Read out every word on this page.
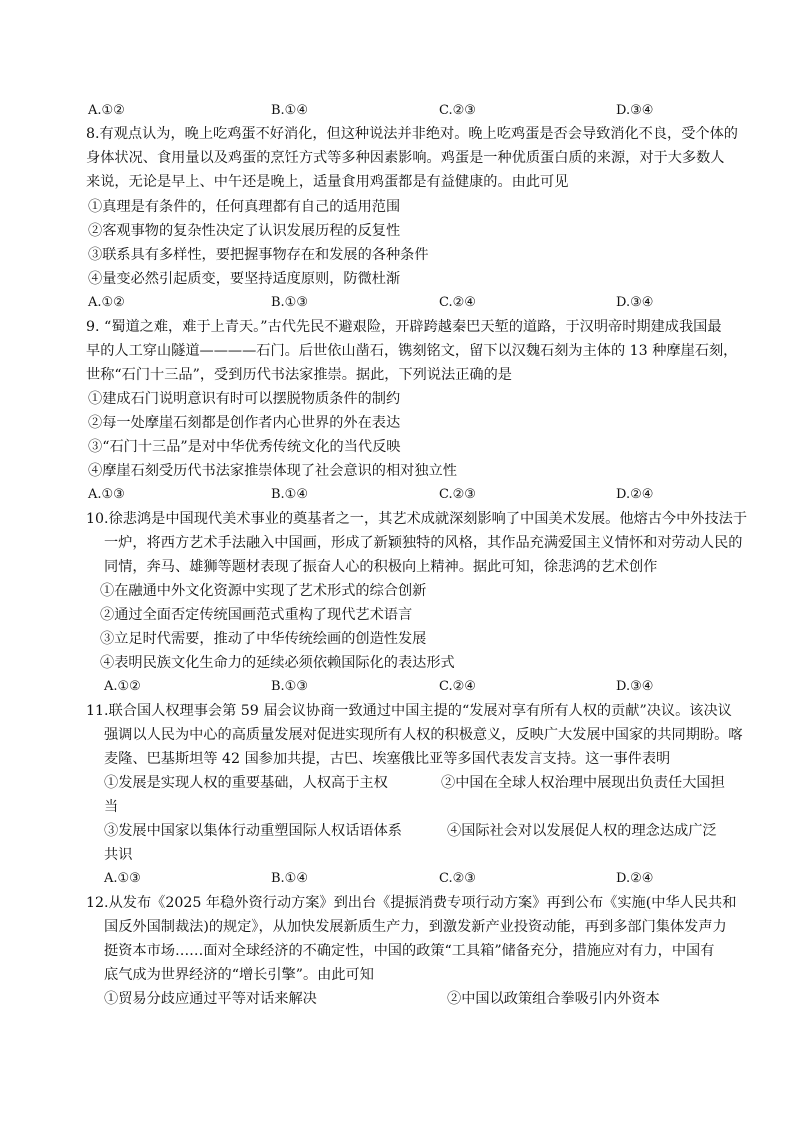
A.①②	B.①④	C.②③	D.③④
8.有观点认为，晚上吃鸡蛋不好消化，但这种说法并非绝对。晚上吃鸡蛋是否会导致消化不良，受个体的
身体状况、食用量以及鸡蛋的烹饪方式等多种因素影响。鸡蛋是一种优质蛋白质的来源，对于大多数人
来说，无论是早上、中午还是晚上，适量食用鸡蛋都是有益健康的。由此可见
①真理是有条件的，任何真理都有自己的适用范围
②客观事物的复杂性决定了认识发展历程的反复性
③联系具有多样性，要把握事物存在和发展的各种条件
④量变必然引起质变，要坚持适度原则，防微杜渐
A.①②	B.①③	C.②④	D.③④
9. “蜀道之难，难于上青天。”古代先民不避艰险，开辟跨越秦巴天堑的道路，于汉明帝时期建成我国最
早的人工穿山隧道————石门。后世依山凿石，镌刻铭文，留下以汉魏石刻为主体的 13 种摩崖石刻，
世称“石门十三品”，受到历代书法家推崇。据此，下列说法正确的是
①建成石门说明意识有时可以摆脱物质条件的制约
②每一处摩崖石刻都是创作者内心世界的外在表达
③“石门十三品”是对中华优秀传统文化的当代反映
④摩崖石刻受历代书法家推崇体现了社会意识的相对独立性
A.①③	B.①④	C.②③	D.②④
10.徐悲鸿是中国现代美术事业的奠基者之一，其艺术成就深刻影响了中国美术发展。他熔古今中外技法于
一炉，将西方艺术手法融入中国画，形成了新颖独特的风格，其作品充满爱国主义情怀和对劳动人民的
同情，奔马、雄狮等题材表现了振奋人心的积极向上精神。据此可知，徐悲鸿的艺术创作
①在融通中外文化资源中实现了艺术形式的综合创新
②通过全面否定传统国画范式重构了现代艺术语言
③立足时代需要，推动了中华传统绘画的创造性发展
④表明民族文化生命力的延续必须依赖国际化的表达形式
A.①②	B.①③	C.②④	D.③④
11.联合国人权理事会第 59 届会议协商一致通过中国主提的“发展对享有所有人权的贡献”决议。该决议
强调以人民为中心的高质量发展对促进实现所有人权的积极意义，反映广大发展中国家的共同期盼。喀
麦隆、巴基斯坦等 42 国参加共提，古巴、埃塞俄比亚等多国代表发言支持。这一事件表明
①发展是实现人权的重要基础，人权高于主权	②中国在全球人权治理中展现出负责任大国担
当
③发展中国家以集体行动重塑国际人权话语体系	④国际社会对以发展促人权的理念达成广泛
共识
A.①③	B.①④	C.②③	D.②④
12.从发布《2025 年稳外资行动方案》到出台《提振消费专项行动方案》再到公布《实施(中华人民共和
国反外国制裁法)的规定》，从加快发展新质生产力，到激发新产业投资动能，再到多部门集体发声力
挺资本市场……面对全球经济的不确定性，中国的政策“工具箱”储备充分，措施应对有力，中国有
底气成为世界经济的“增长引擎”。由此可知
①贸易分歧应通过平等对话来解决	②中国以政策组合拳吸引内外资本
